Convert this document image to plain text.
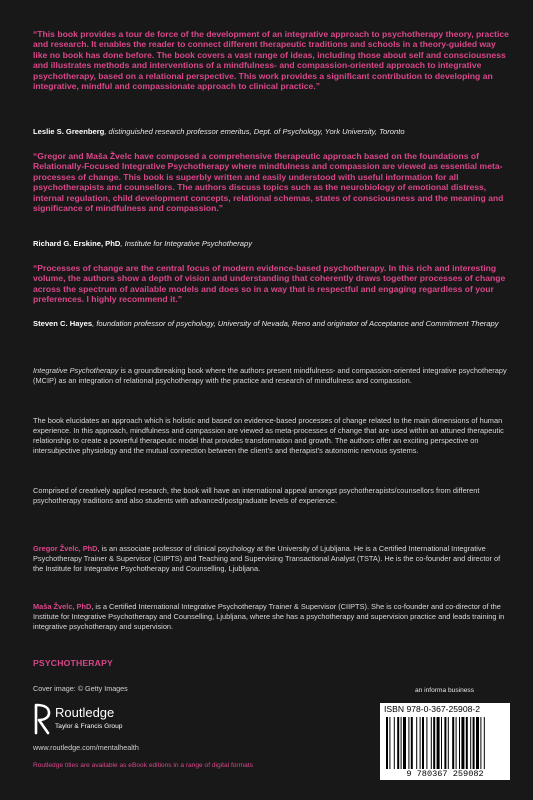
“This book provides a tour de force of the development of an integrative approach to psychotherapy theory, practice and research. It enables the reader to connect different therapeutic traditions and schools in a theory-guided way like no book has done before. The book covers a vast range of ideas, including those about self and consciousness and illustrates methods and interventions of a mindfulness- and compassion-oriented approach to integrative psychotherapy, based on a relational perspective. This work provides a significant contribution to developing an integrative, mindful and compassionate approach to clinical practice.”

Leslie S. Greenberg, distinguished research professor emeritus, Dept. of Psychology, York University, Toronto

“Gregor and Maša Žvelc have composed a comprehensive therapeutic approach based on the foundations of Relationally-Focused Integrative Psychotherapy where mindfulness and compassion are viewed as essential meta-processes of change. This book is superbly written and easily understood with useful information for all psychotherapists and counsellors. The authors discuss topics such as the neurobiology of emotional distress, internal regulation, child development concepts, relational schemas, states of consciousness and the meaning and significance of mindfulness and compassion.”

Richard G. Erskine, PhD, Institute for Integrative Psychotherapy

“Processes of change are the central focus of modern evidence-based psychotherapy. In this rich and interesting volume, the authors show a depth of vision and understanding that coherently draws together processes of change across the spectrum of available models and does so in a way that is respectful and engaging regardless of your preferences. I highly recommend it.”

Steven C. Hayes, foundation professor of psychology, University of Nevada, Reno and originator of Acceptance and Commitment Therapy

Integrative Psychotherapy is a groundbreaking book where the authors present mindfulness- and compassion-oriented integrative psychotherapy (MCIP) as an integration of relational psychotherapy with the practice and research of mindfulness and compassion.

The book elucidates an approach which is holistic and based on evidence-based processes of change related to the main dimensions of human experience. In this approach, mindfulness and compassion are viewed as meta-processes of change that are used within an attuned therapeutic relationship to create a powerful therapeutic model that provides transformation and growth. The authors offer an exciting perspective on intersubjective physiology and the mutual connection between the client’s and therapist’s autonomic nervous systems.

Comprised of creatively applied research, the book will have an international appeal amongst psychotherapists/counsellors from different psychotherapy traditions and also students with advanced/postgraduate levels of experience.

Gregor Žvelc, PhD, is an associate professor of clinical psychology at the University of Ljubljana. He is a Certified International Integrative Psychotherapy Trainer & Supervisor (CIIPTS) and Teaching and Supervising Transactional Analyst (TSTA). He is the co-founder and director of the Institute for Integrative Psychotherapy and Counselling, Ljubljana.

Maša Žvelc, PhD, is a Certified International Integrative Psychotherapy Trainer & Supervisor (CIIPTS). She is co-founder and co-director of the Institute for Integrative Psychotherapy and Counselling, Ljubljana, where she has a psychotherapy and supervision practice and leads training in integrative psychotherapy and supervision.

PSYCHOTHERAPY
Cover image: © Getty Images
Routledge
Taylor & Francis Group
www.routledge.com/mentalhealth
Routledge titles are available as eBook editions in a range of digital formats
an informa business
ISBN 978-0-367-25908-2
9 780367 259082
